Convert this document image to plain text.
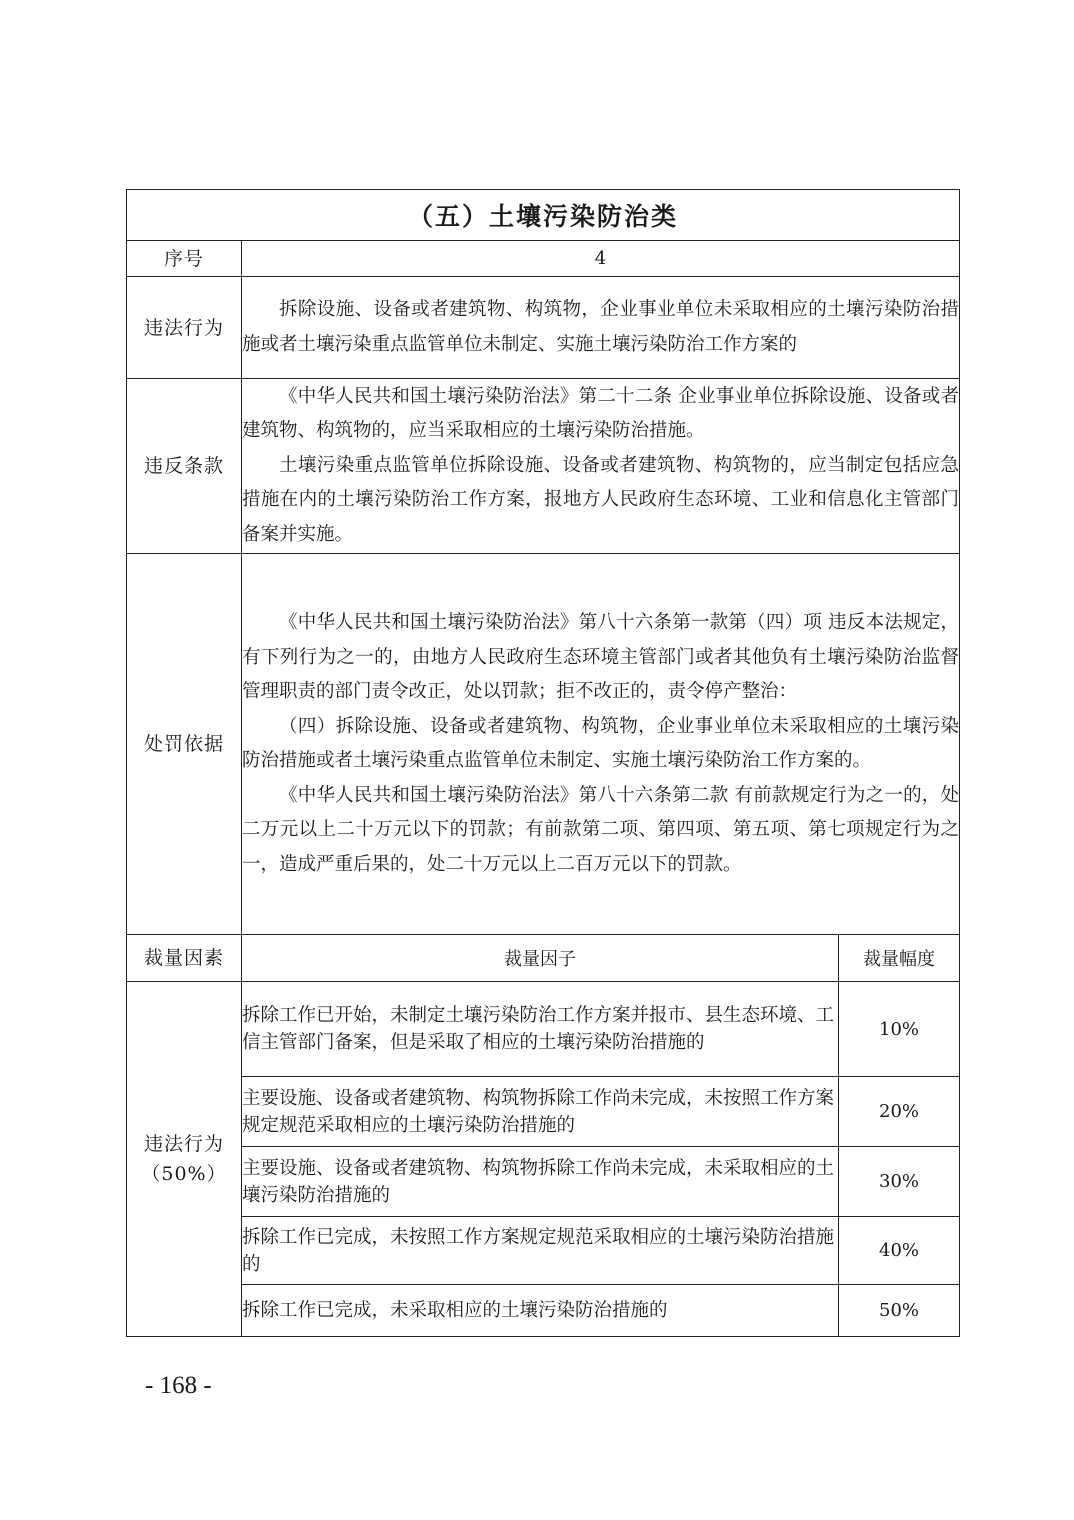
（五）土壤污染防治类		
序号	4	
违法行为	拆除设施、设备或者建筑物、构筑物，企业事业单位未采取相应的土壤污染防治措施或者土壤污染重点监管单位未制定、实施土壤污染防治工作方案的	

违反条款	《中华人民共和国土壤污染防治法》第二十二条 企业事业单位拆除设施、设备或者建筑物、构筑物的，应当采取相应的土壤污染防治措施。

土壤污染重点监管单位拆除设施、设备或者建筑物、构筑物的，应当制定包括应急措施在内的土壤污染防治工作方案，报地方人民政府生态环境、工业和信息化主管部门备案并实施。	

处罚依据	《中华人民共和国土壤污染防治法》第八十六条第一款第（四）项 违反本法规定，有下列行为之一的，由地方人民政府生态环境主管部门或者其他负有土壤污染防治监督管理职责的部门责令改正，处以罚款；拒不改正的，责令停产整治：

（四）拆除设施、设备或者建筑物、构筑物，企业事业单位未采取相应的土壤污染防治措施或者土壤污染重点监管单位未制定、实施土壤污染防治工作方案的。

《中华人民共和国土壤污染防治法》第八十六条第二款 有前款规定行为之一的，处二万元以上二十万元以下的罚款；有前款第二项、第四项、第五项、第七项规定行为之一，造成严重后果的，处二十万元以上二百万元以下的罚款。	

裁量因素	裁量因子	裁量幅度

违法行为
（50%）	拆除工作已开始，未制定土壤污染防治工作方案并报市、县生态环境、工信主管部门备案，但是采取了相应的土壤污染防治措施的	10%
	主要设施、设备或者建筑物、构筑物拆除工作尚未完成，未按照工作方案规定规范采取相应的土壤污染防治措施的	20%
	主要设施、设备或者建筑物、构筑物拆除工作尚未完成，未采取相应的土壤污染防治措施的	30%
	拆除工作已完成，未按照工作方案规定规范采取相应的土壤污染防治措施的	40%
	拆除工作已完成，未采取相应的土壤污染防治措施的	50%
- 168 -
